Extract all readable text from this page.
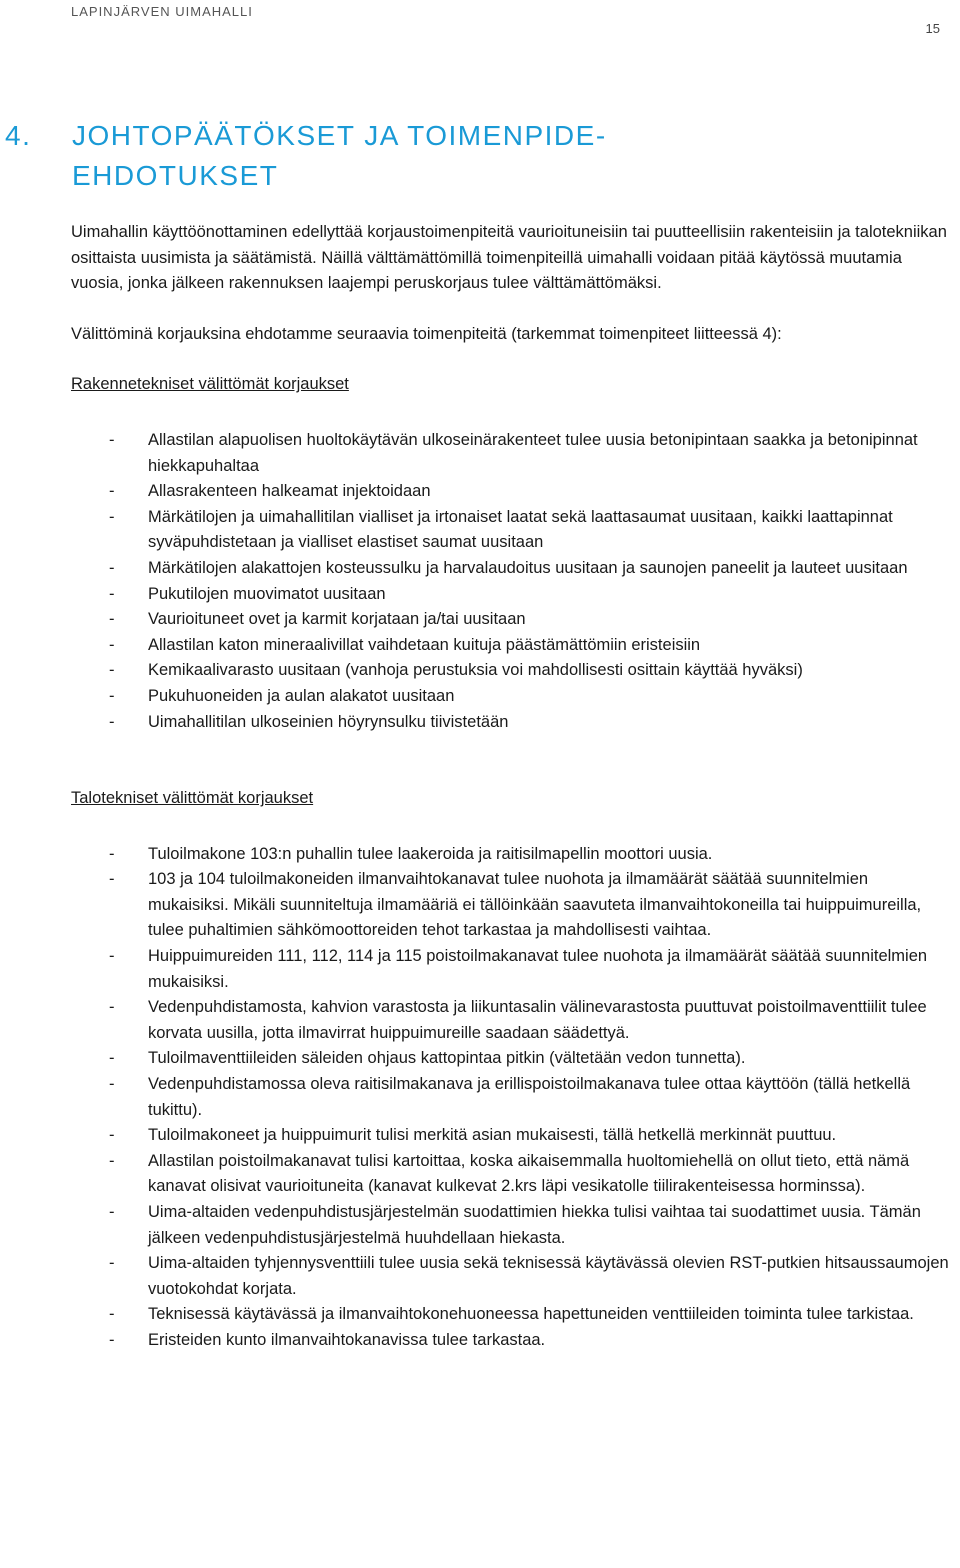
LAPINJÄRVEN UIMAHALLI
15
4. JOHTOPÄÄTÖKSET JA TOIMENPIDE-EHDOTUKSET

Uimahallin käyttöönottaminen edellyttää korjaustoimenpiteitä vaurioituneisiin tai puutteellisiin rakenteisiin ja talotekniikan osittaista uusimista ja säätämistä. Näillä välttämättömillä toimenpiteillä uimahalli voidaan pitää käytössä muutamia vuosia, jonka jälkeen rakennuksen laajempi peruskorjaus tulee välttämättömäksi.

Välittöminä korjauksina ehdotamme seuraavia toimenpiteitä (tarkemmat toimenpiteet liitteessä 4):

Rakennetekniset välittömät korjaukset

- Allastilan alapuolisen huoltokäytävän ulkoseinärakenteet tulee uusia betonipintaan saakka ja betonipinnat hiekkapuhaltaa
- Allasrakenteen halkeamat injektoidaan
- Märkätilojen ja uimahallitilan vialliset ja irtonaiset laatat sekä laattasaumat uusitaan, kaikki laattapinnat syväpuhdistetaan ja vialliset elastiset saumat uusitaan
- Märkätilojen alakattojen kosteussulku ja harvalaudoitus uusitaan ja saunojen paneelit ja lauteet uusitaan
- Pukutilojen muovimatot uusitaan
- Vaurioituneet ovet ja karmit korjataan ja/tai uusitaan
- Allastilan katon mineraalivillat vaihdetaan kuituja päästämättömiin eristeisiin
- Kemikaalivarasto uusitaan (vanhoja perustuksia voi mahdollisesti osittain käyttää hyväksi)
- Pukuhuoneiden ja aulan alakatot uusitaan
- Uimahallitilan ulkoseinien höyrynsulku tiivistetään

Talotekniset välittömät korjaukset

- Tuloilmakone 103:n puhallin tulee laakeroida ja raitisilmapellin moottori uusia.
- 103 ja 104 tuloilmakoneiden ilmanvaihtokanavat tulee nuohota ja ilmamäärät säätää suunnitelmien mukaisiksi. Mikäli suunniteltuja ilmamääriä ei tällöinkään saavuteta ilmanvaihtokoneilla tai huippuimureilla, tulee puhaltimien sähkömoottoreiden tehot tarkastaa ja mahdollisesti vaihtaa.
- Huippuimureiden 111, 112, 114 ja 115 poistoilmakanavat tulee nuohota ja ilmamäärät säätää suunnitelmien mukaisiksi.
- Vedenpuhdistamosta, kahvion varastosta ja liikuntasalin välinevarastosta puuttuvat poistoilmaventtiilit tulee korvata uusilla, jotta ilmavirrat huippuimureille saadaan säädettyä.
- Tuloilmaventtiileiden säleiden ohjaus kattopintaa pitkin (vältetään vedon tunnetta).
- Vedenpuhdistamossa oleva raitisilmakanava ja erillispoistoilmakanava tulee ottaa käyttöön (tällä hetkellä tukittu).
- Tuloilmakoneet ja huippuimurit tulisi merkitä asian mukaisesti, tällä hetkellä merkinnät puuttuu.
- Allastilan poistoilmakanavat tulisi kartoittaa, koska aikaisemmalla huoltomiehellä on ollut tieto, että nämä kanavat olisivat vaurioituneita (kanavat kulkevat 2.krs läpi vesikatolle tiilirakenteisessa horminssa).
- Uima-altaiden vedenpuhdistusjärjestelmän suodattimien hiekka tulisi vaihtaa tai suodattimet uusia. Tämän jälkeen vedenpuhdistusjärjestelmä huuhdellaan hiekasta.
- Uima-altaiden tyhjennysventtiili tulee uusia sekä teknisessä käytävässä olevien RST-putkien hitsaussaumojen vuotokohdat korjata.
- Teknisessä käytävässä ja ilmanvaihtokonehuoneessa hapettuneiden venttiileiden toiminta tulee tarkistaa.
- Eristeiden kunto ilmanvaihtokanavissa tulee tarkastaa.
